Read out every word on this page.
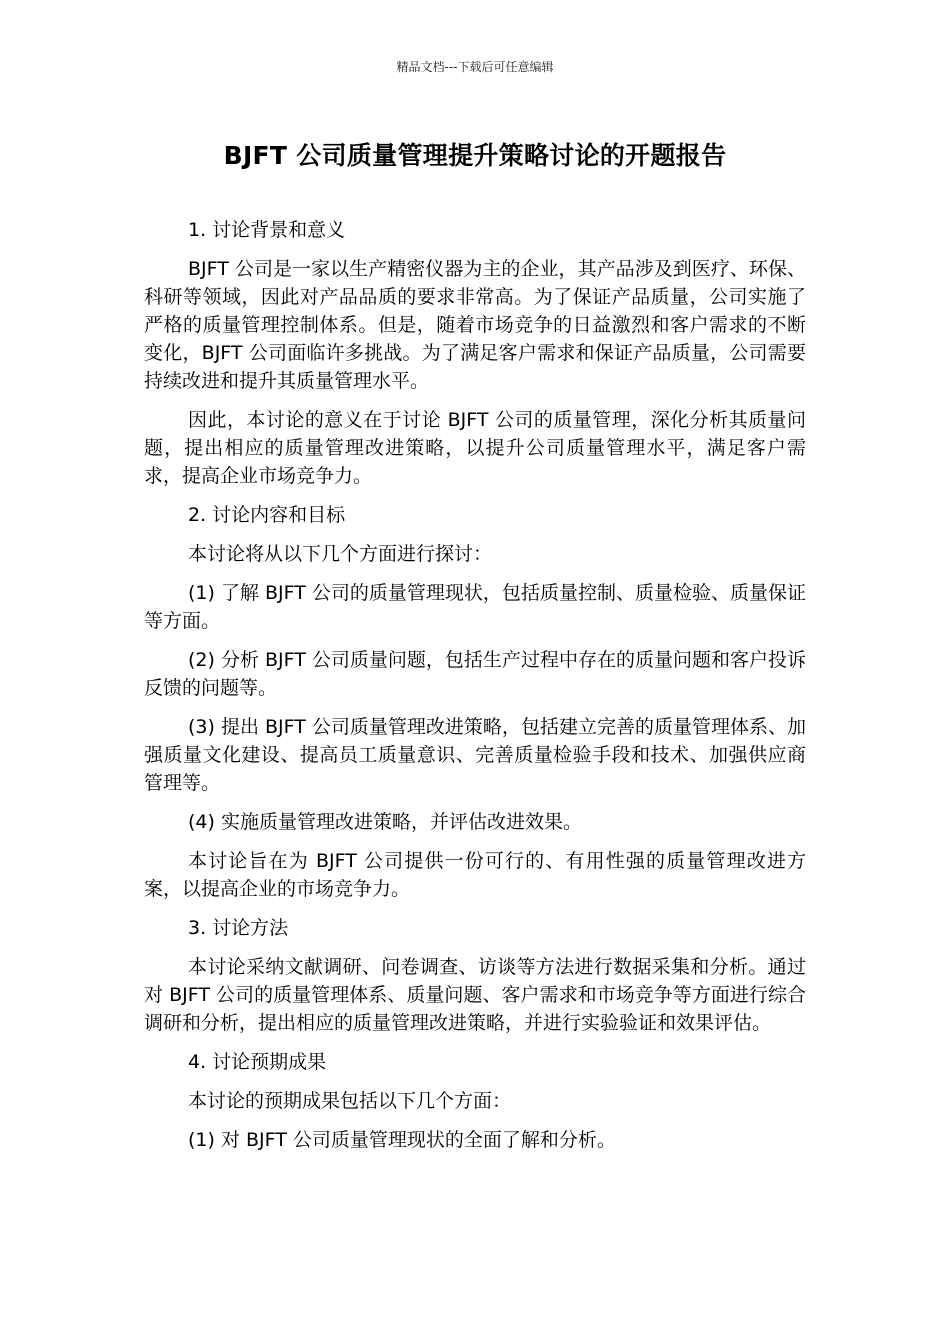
精品文档---下载后可任意编辑
BJFT 公司质量管理提升策略讨论的开题报告

1. 讨论背景和意义

BJFT 公司是一家以生产精密仪器为主的企业，其产品涉及到医疗、环保、科研等领域，因此对产品品质的要求非常高。为了保证产品质量，公司实施了严格的质量管理控制体系。但是，随着市场竞争的日益激烈和客户需求的不断变化，BJFT 公司面临许多挑战。为了满足客户需求和保证产品质量，公司需要持续改进和提升其质量管理水平。

因此，本讨论的意义在于讨论 BJFT 公司的质量管理，深化分析其质量问题，提出相应的质量管理改进策略，以提升公司质量管理水平，满足客户需求，提高企业市场竞争力。

2. 讨论内容和目标

本讨论将从以下几个方面进行探讨：

(1) 了解 BJFT 公司的质量管理现状，包括质量控制、质量检验、质量保证等方面。

(2) 分析 BJFT 公司质量问题，包括生产过程中存在的质量问题和客户投诉反馈的问题等。

(3) 提出 BJFT 公司质量管理改进策略，包括建立完善的质量管理体系、加强质量文化建设、提高员工质量意识、完善质量检验手段和技术、加强供应商管理等。

(4) 实施质量管理改进策略，并评估改进效果。

本讨论旨在为 BJFT 公司提供一份可行的、有用性强的质量管理改进方案，以提高企业的市场竞争力。

3. 讨论方法

本讨论采纳文献调研、问卷调查、访谈等方法进行数据采集和分析。通过对 BJFT 公司的质量管理体系、质量问题、客户需求和市场竞争等方面进行综合调研和分析，提出相应的质量管理改进策略，并进行实验验证和效果评估。

4. 讨论预期成果

本讨论的预期成果包括以下几个方面：

(1) 对 BJFT 公司质量管理现状的全面了解和分析。
